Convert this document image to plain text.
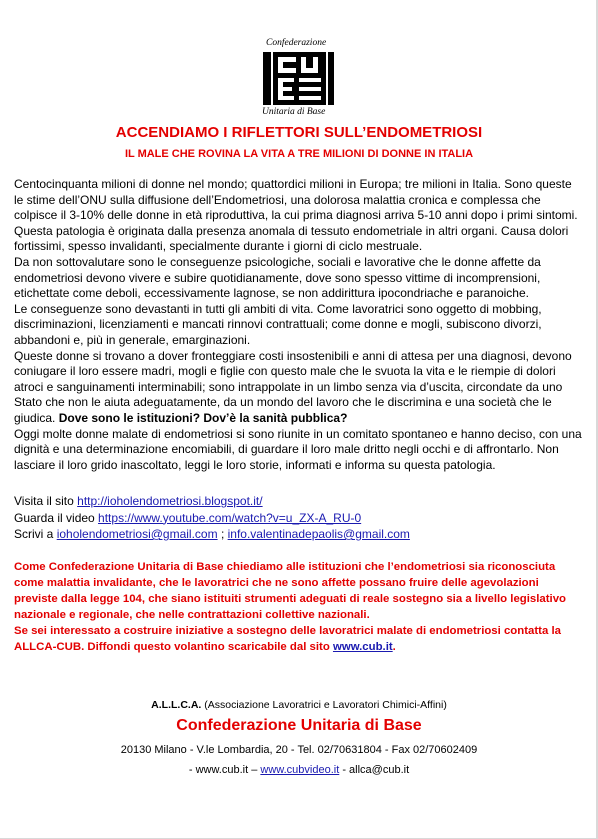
Confederazione
Unitaria di Base
ACCENDIAMO I RIFLETTORI SULL’ENDOMETRIOSI
IL MALE CHE ROVINA LA VITA A TRE MILIONI DI DONNE IN ITALIA

Centocinquanta milioni di donne nel mondo; quattordici milioni in Europa; tre milioni in Italia. Sono queste le stime dell’ONU sulla diffusione dell’Endometriosi, una dolorosa malattia cronica e complessa che colpisce il 3-10% delle donne in età riproduttiva, la cui prima diagnosi arriva 5-10 anni dopo i primi sintomi.

Questa patologia è originata dalla presenza anomala di tessuto endometriale in altri organi. Causa dolori fortissimi, spesso invalidanti, specialmente durante i giorni di ciclo mestruale.

Da non sottovalutare sono le conseguenze psicologiche, sociali e lavorative che le donne affette da endometriosi devono vivere e subire quotidianamente, dove sono spesso vittime di incomprensioni, etichettate come deboli, eccessivamente lagnose, se non addirittura ipocondriache e paranoiche.

Le conseguenze sono devastanti in tutti gli ambiti di vita. Come lavoratrici sono oggetto di mobbing, discriminazioni, licenziamenti e mancati rinnovi contrattuali; come donne e mogli, subiscono divorzi, abbandoni e, più in generale, emarginazioni.

Queste donne si trovano a dover fronteggiare costi insostenibili e anni di attesa per una diagnosi, devono coniugare il loro essere madri, mogli e figlie con questo male che le svuota la vita e le riempie di dolori atroci e sanguinamenti interminabili; sono intrappolate in un limbo senza via d’uscita, circondate da uno Stato che non le aiuta adeguatamente, da un mondo del lavoro che le discrimina e una società che le giudica. Dove sono le istituzioni? Dov’è la sanità pubblica?

Oggi molte donne malate di endometriosi si sono riunite in un comitato spontaneo e hanno deciso, con una dignità e una determinazione encomiabili, di guardare il loro male dritto negli occhi e di affrontarlo. Non lasciare il loro grido inascoltato, leggi le loro storie, informati e informa su questa patologia.

Visita il sito http://ioholendometriosi.blogspot.it/
Guarda il video https://www.youtube.com/watch?v=u_ZX-A_RU-0
Scrivi a ioholendometriosi@gmail.com ; info.valentinadepaolis@gmail.com
Come Confederazione Unitaria di Base chiediamo alle istituzioni che l’endometriosi sia riconosciuta come malattia invalidante, che le lavoratrici che ne sono affette possano fruire delle agevolazioni previste dalla legge 104, che siano istituiti strumenti adeguati di reale sostegno sia a livello legislativo nazionale e regionale, che nelle contrattazioni collettive nazionali.
Se sei interessato a costruire iniziative a sostegno delle lavoratrici malate di endometriosi contatta la ALLCA-CUB. Diffondi questo volantino scaricabile dal sito www.cub.it.
A.L.L.C.A. (Associazione Lavoratrici e Lavoratori Chimici-Affini)
Confederazione Unitaria di Base
20130 Milano - V.le Lombardia, 20 - Tel. 02/70631804 - Fax 02/70602409
- www.cub.it – www.cubvideo.it - allca@cub.it
